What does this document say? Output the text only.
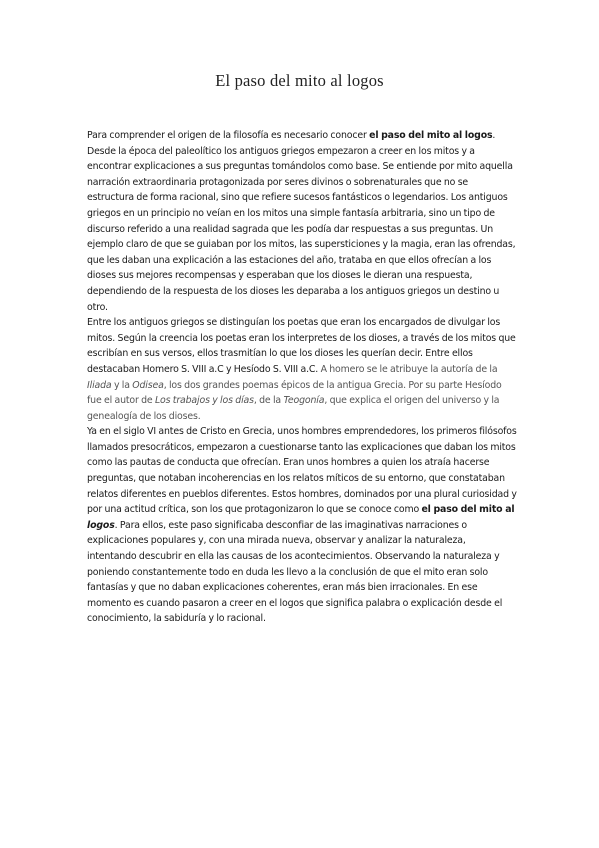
El paso del mito al logos

Para comprender el origen de la filosofía es necesario conocer el paso del mito al logos. Desde la época del paleolítico los antiguos griegos empezaron a creer en los mitos y a encontrar explicaciones a sus preguntas tomándolos como base. Se entiende por mito aquella narración extraordinaria protagonizada por seres divinos o sobrenaturales que no se estructura de forma racional, sino que refiere sucesos fantásticos o legendarios. Los antiguos griegos en un principio no veían en los mitos una simple fantasía arbitraria, sino un tipo de discurso referido a una realidad sagrada que les podía dar respuestas a sus preguntas. Un ejemplo claro de que se guiaban por los mitos, las supersticiones y la magia, eran las ofrendas, que les daban una explicación a las estaciones del año, trataba en que ellos ofrecían a los dioses sus mejores recompensas y esperaban que los dioses le dieran una respuesta, dependiendo de la respuesta de los dioses les deparaba a los antiguos griegos un destino u otro.

Entre los antiguos griegos se distinguían los poetas que eran los encargados de divulgar los mitos. Según la creencia los poetas eran los interpretes de los dioses, a través de los mitos que escribían en sus versos, ellos trasmitían lo que los dioses les querían decir. Entre ellos destacaban Homero S. VIII a.C y Hesíodo S. VIII a.C. A homero se le atribuye la autoría de la Iliada y la Odisea, los dos grandes poemas épicos de la antigua Grecia. Por su parte Hesíodo fue el autor de Los trabajos y los días, de la Teogonía, que explica el origen del universo y la genealogía de los dioses.

Ya en el siglo VI antes de Cristo en Grecia, unos hombres emprendedores, los primeros filósofos llamados presocráticos, empezaron a cuestionarse tanto las explicaciones que daban los mitos como las pautas de conducta que ofrecían. Eran unos hombres a quien los atraía hacerse preguntas, que notaban incoherencias en los relatos míticos de su entorno, que constataban relatos diferentes en pueblos diferentes. Estos hombres, dominados por una plural curiosidad y por una actitud crítica, son los que protagonizaron lo que se conoce como el paso del mito al logos. Para ellos, este paso significaba desconfiar de las imaginativas narraciones o explicaciones populares y, con una mirada nueva, observar y analizar la naturaleza, intentando descubrir en ella las causas de los acontecimientos. Observando la naturaleza y poniendo constantemente todo en duda les llevo a la conclusión de que el mito eran solo fantasías y que no daban explicaciones coherentes, eran más bien irracionales. En ese momento es cuando pasaron a creer en el logos que significa palabra o explicación desde el conocimiento, la sabiduría y lo racional.
